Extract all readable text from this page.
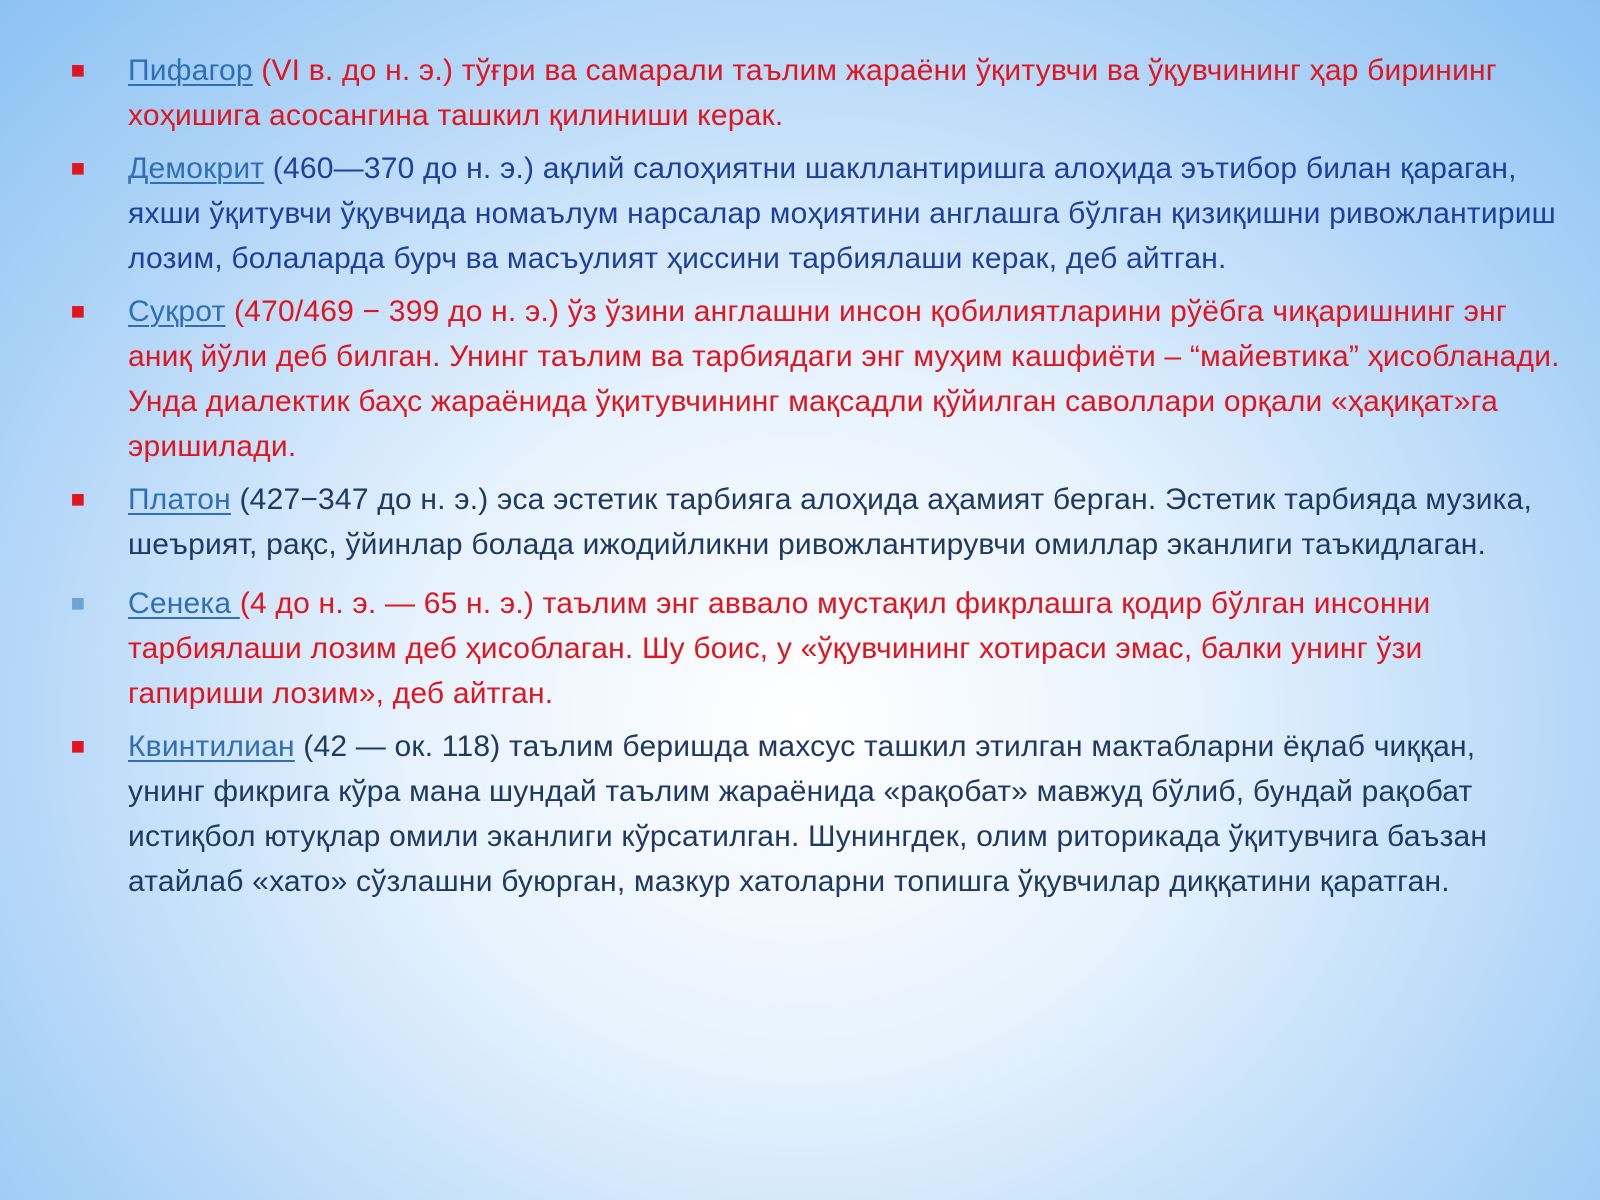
■ Пифагор (VI в. до н. э.) тўғри ва самарали таълим жараёни ўқитувчи ва ўқувчининг ҳар бирининг хоҳишига асосангина ташкил қилиниши керак.
■ Демокрит (460—370 до н. э.) ақлий салоҳиятни шакллантиришга алоҳида эътибор билан қараган, яхши ўқитувчи ўқувчида номаълум нарсалар моҳиятини англашга бўлган қизиқишни ривожлантириш лозим, болаларда бурч ва масъулият ҳиссини тарбиялаши керак, деб айтган.
■ Суқрот (470/469 − 399 до н. э.) ўз ўзини англашни инсон қобилиятларини рўёбга чиқаришнинг энг аниқ йўли деб билган. Унинг таълим ва тарбиядаги энг муҳим кашфиёти – “майевтика” ҳисобланади. Унда диалектик баҳс жараёнида ўқитувчининг мақсадли қўйилган саволлари орқали «ҳақиқат»га эришилади.
■ Платон (427−347 до н. э.) эса эстетик тарбияга алоҳида аҳамият берган. Эстетик тарбияда музика, шеърият, рақс, ўйинлар болада ижодийликни ривожлантирувчи омиллар эканлиги таъкидлаган.
■ Сенека (4 до н. э. — 65 н. э.) таълим энг аввало мустақил фикрлашга қодир бўлган инсонни тарбиялаши лозим деб ҳисоблаган. Шу боис, у «ўқувчининг хотираси эмас, балки унинг ўзи гапириши лозим», деб айтган.
■ Квинтилиан (42 — ок. 118) таълим беришда махсус ташкил этилган мактабларни ёқлаб чиққан, унинг фикрига кўра мана шундай таълим жараёнида «рақобат» мавжуд бўлиб, бундай рақобат истиқбол ютуқлар омили эканлиги кўрсатилган. Шунингдек, олим риторикада ўқитувчига баъзан атайлаб «хато» сўзлашни буюрган, мазкур хатоларни топишга ўқувчилар диққатини қаратган.
